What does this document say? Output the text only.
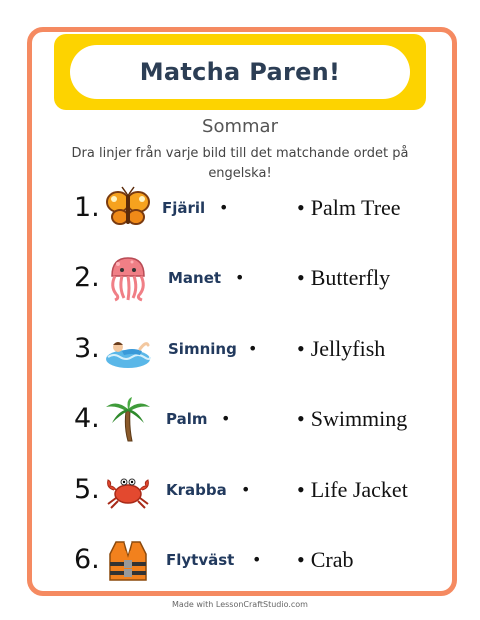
Matcha Paren!
Sommar
Dra linjer från varje bild till det matchande ordet på engelska!
1.	Fjäril •	• Palm Tree
2.	Manet • • Butterfly
3.	Simning • • Jellyfish
4.	Palm •	• Swimming
5.	Krabba • • Life Jacket
6.	Flytväst • • Crab
Made with LessonCraftStudio.com
